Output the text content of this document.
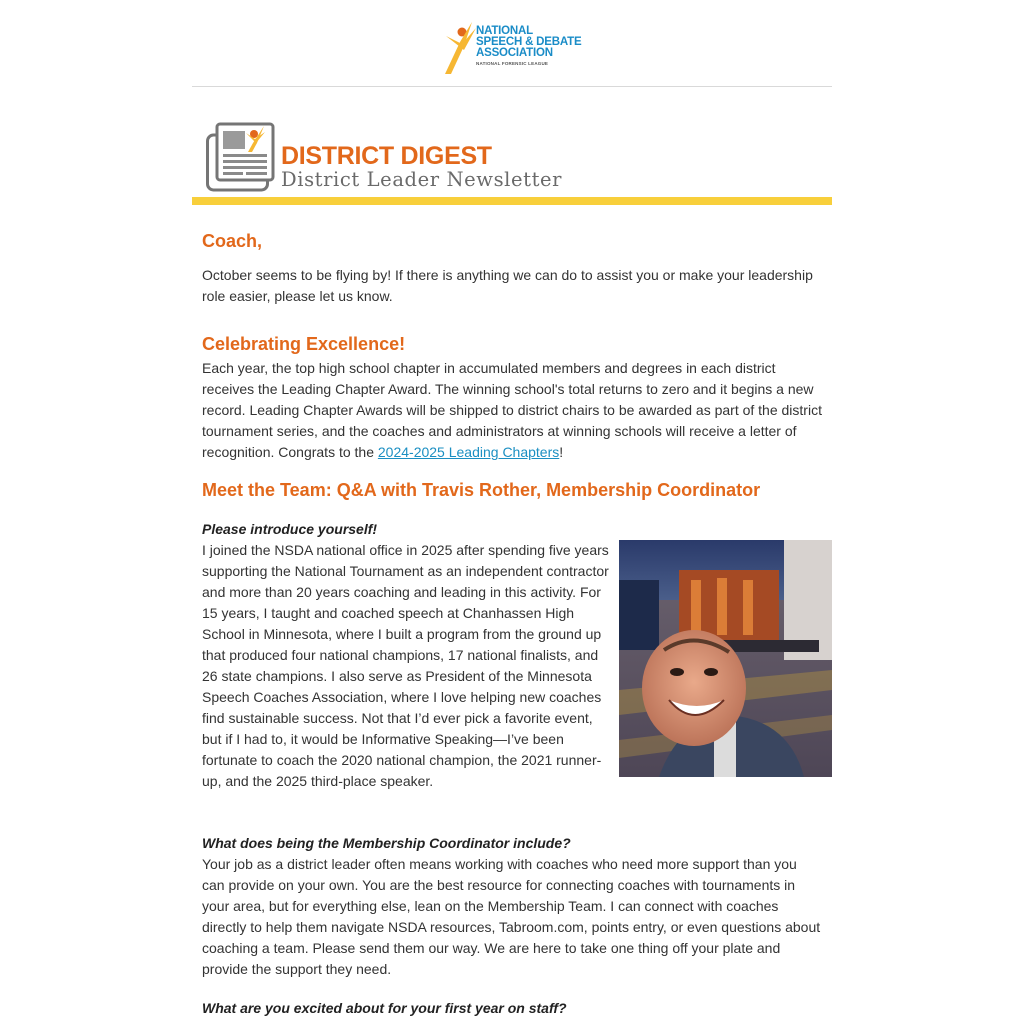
NATIONAL
SPEECH & DEBATE
ASSOCIATION
NATIONAL FORENSIC LEAGUE
DISTRICT DIGEST
District Leader Newsletter
Coach,

October seems to be flying by! If there is anything we can do to assist you or make your leadership role easier, please let us know.

Celebrating Excellence!

Each year, the top high school chapter in accumulated members and degrees in each district receives the Leading Chapter Award. The winning school's total returns to zero and it begins a new record. Leading Chapter Awards will be shipped to district chairs to be awarded as part of the district tournament series, and the coaches and administrators at winning schools will receive a letter of recognition. Congrats to the 2024-2025 Leading Chapters!

Meet the Team: Q&A with Travis Rother, Membership Coordinator

Please introduce yourself!

I joined the NSDA national office in 2025 after spending five years supporting the National Tournament as an independent contractor and more than 20 years coaching and leading in this activity. For 15 years, I taught and coached speech at Chanhassen High School in Minnesota, where I built a program from the ground up that produced four national champions, 17 national finalists, and 26 state champions. I also serve as President of the Minnesota Speech Coaches Association, where I love helping new coaches find sustainable success. Not that I’d ever pick a favorite event, but if I had to, it would be Informative Speaking—I’ve been fortunate to coach the 2020 national champion, the 2021 runner-up, and the 2025 third-place speaker.

What does being the Membership Coordinator include?

Your job as a district leader often means working with coaches who need more support than you can provide on your own. You are the best resource for connecting coaches with tournaments in your area, but for everything else, lean on the Membership Team. I can connect with coaches directly to help them navigate NSDA resources, Tabroom.com, points entry, or even questions about coaching a team. Please send them our way. We are here to take one thing off your plate and provide the support they need.

What are you excited about for your first year on staff?
